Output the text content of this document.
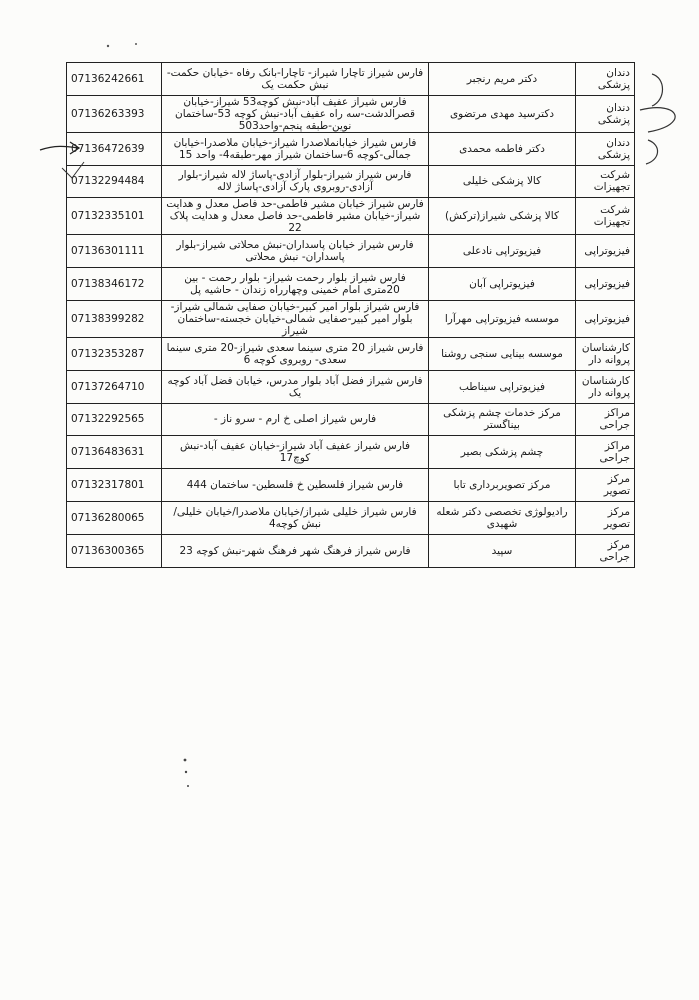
07136242661	فارس شیراز تاچارا شیراز- تاچارا-بانک رفاه -خیابان حکمت-نبش حکمت یک	دکتر مریم رنجبر	دندان پزشکی
07136263393	فارس شیراز عفیف آباد-نبش کوچه53 شیراز-خیابان قصرالدشت-سه راه عفیف آباد-نبش کوچه 53-ساختمان نوین-طبقه پنجم-واحد503	دکترسید مهدی مرتضوی	دندان پزشکی
07136472639	فارس شیراز خیابانملاصدرا شیراز-خیابان ملاصدرا-خیابان جمالی-کوچه 6-ساختمان شیراز مهر-طبقه4- واحد 15	دکتر فاطمه محمدی	دندان پزشکی
07132294484	فارس شیراز شیراز-بلوار آزادی-پاساژ لاله شیراز-بلوار آزادی-روبروی پارک آزادی-پاساژ لاله	کالا پزشکی خلیلی	شرکت تجهیزات
07132335101	فارس شیراز خیابان مشیر فاطمی-حد فاصل معدل و هدایت شیراز-خیابان مشیر فاطمی-حد فاصل معدل و هدایت پلاک 22	کالا پزشکی شیراز(ترکش)	شرکت تجهیزات
07136301111	فارس شیراز خیابان پاسداران-نبش محلاتی شیراز-بلوار پاسداران- نبش محلاتی	فیزیوتراپی نادعلی	فیزیوتراپی
07138346172	فارس شیراز بلوار رحمت شیراز- بلوار رحمت - بین 20متری امام خمینی وچهارراه زندان - حاشیه پل	فیزیوتراپی آبان	فیزیوتراپی
07138399282	فارس شیراز بلوار امیر کبیر-خیابان صفایی شمالی شیراز-بلوار امیر کبیر-صفایی شمالی-خیابان خجسته-ساختمان شیراز	موسسه فیزیوتراپی مهرآرا	فیزیوتراپی
07132353287	فارس شیراز 20 متری سینما سعدی شیراز-20 متری سینما سعدی- روبروی کوچه 6	موسسه بینایی سنجی روشنا	کارشناسان پروانه دار
07137264710	فارس شیراز فضل آباد بلوار مدرس، خیابان فضل آباد کوچه یک	فیزیوتراپی سیناطب	کارشناسان پروانه دار
07132292565	فارس شیراز اصلی خ ارم - سرو ناز -	مرکز خدمات چشم پزشکی بیناگستر	مراکز جراحی
07136483631	فارس شیراز عفیف آباد شیراز-خیابان عفیف آباد-نبش کوچ17	چشم پزشکی بصیر	مراکز جراحی
07132317801	فارس شیراز فلسطین خ فلسطین- ساختمان 444	مرکز تصویربرداری تابا	مرکز تصویر
07136280065	فارس شیراز خلیلی شیراز/خیابان ملاصدرا/خیابان خلیلی/نبش کوچه4	رادیولوژی تخصصی دکتر شعله شهیدی	مرکز تصویر
07136300365	فارس شیراز فرهنگ شهر فرهنگ شهر-نبش کوچه 23	سپید	مرکز جراحی
